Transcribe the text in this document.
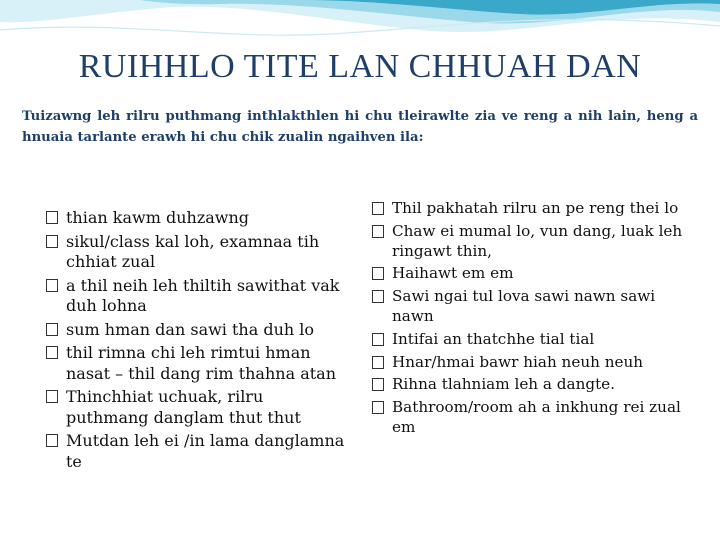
RUIHHLO TITE LAN CHHUAH DAN

Tuizawng leh rilru puthmang inthlakthlen hi chu tleirawlte zia ve reng a nih lain, heng a hnuaia tarlante erawh hi chu chik zualin ngaihven ila:

thian kawm duhzawng
sikul/class kal loh, examnaa tih chhiat zual
a thil neih leh thiltih sawithat vak duh lohna
sum hman dan sawi tha duh lo
thil rimna chi leh rimtui hman nasat – thil dang rim thahna atan
Thinchhiat uchuak, rilru puthmang danglam thut thut
Mutdan leh ei /in lama danglamna te
Thil pakhatah rilru an pe reng thei lo
Chaw ei mumal lo, vun dang, luak leh ringawt thin,
Haihawt em em
Sawi ngai tul lova sawi nawn sawi nawn
Intifai an thatchhe tial tial
Hnar/hmai bawr hiah neuh neuh
Rihna tlahniam leh a dangte.
Bathroom/room ah a inkhung rei zual em
